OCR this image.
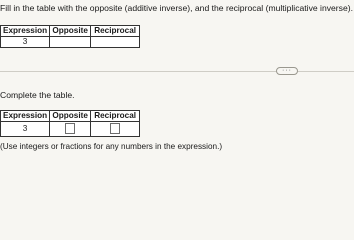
Fill in the table with the opposite (additive inverse), and the reciprocal (multiplicative inverse).
Expression	Opposite	Reciprocal
3		
···
Complete the table.
Expression	Opposite	Reciprocal
3		
(Use integers or fractions for any numbers in the expression.)
